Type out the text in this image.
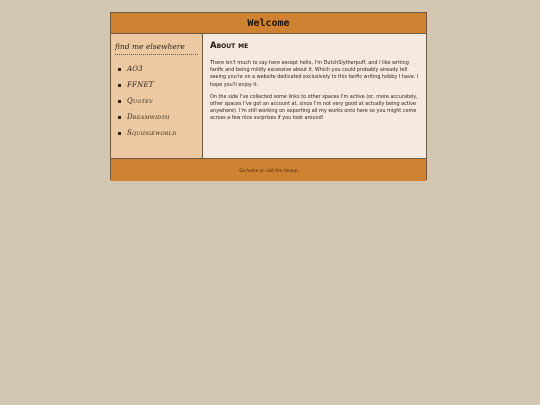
Welcome
find me elsewhere
AO3
FFNET
Quotev
Dreamwidth
Squidgeworld
About me

There isn't much to say here except hello, I'm DutchSlytherpuff, and I like writing fanfic and being mildly excessive about it. Which you could probably already tell seeing you're on a website dedicated exclusively to this fanfic writing hobby I have. I hope you'll enjoy it.

On the side I've collected some links to other spaces I'm active (or, more accurately, other spaces I've got an account at, since I'm not very good at actually being active anywhere). I'm still working on exporting all my works onto here so you might come across a few nice surprises if you look around!

Go home or visit the shoorp
